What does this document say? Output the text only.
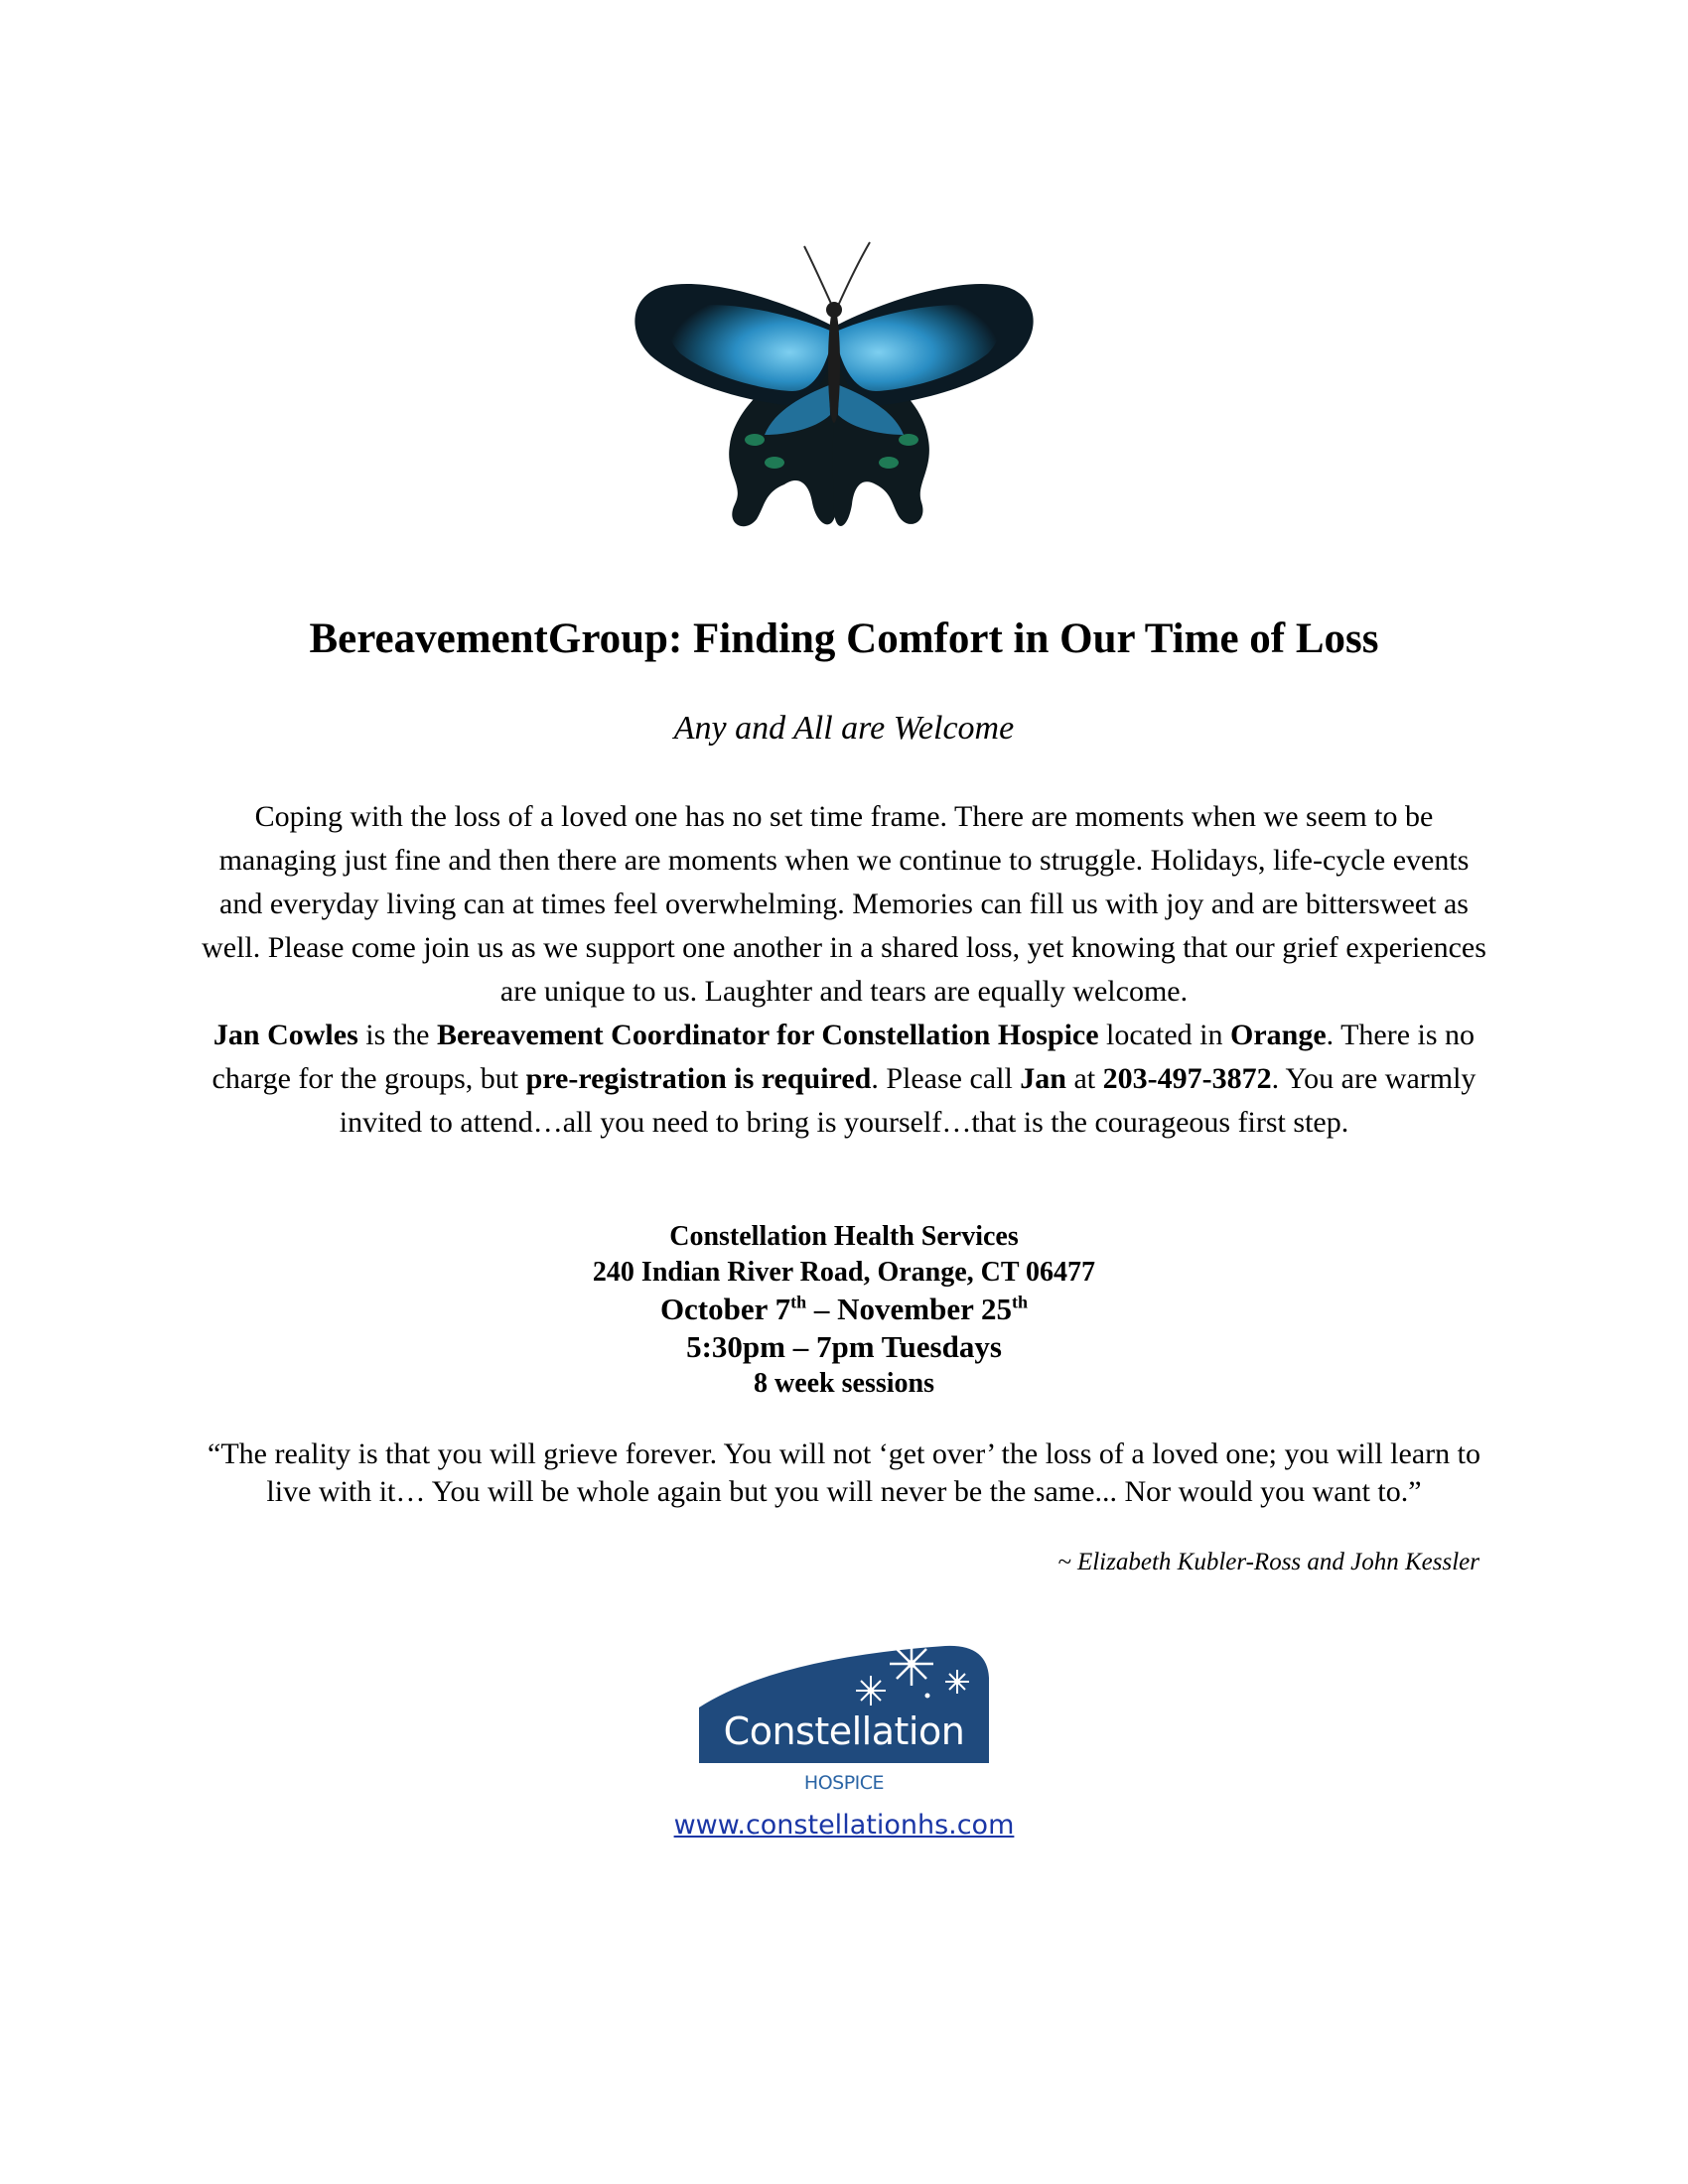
BereavementGroup: Finding Comfort in Our Time of Loss
Any and All are Welcome
Coping with the loss of a loved one has no set time frame. There are moments when we seem to be managing just fine and then there are moments when we continue to struggle. Holidays, life-cycle events and everyday living can at times feel overwhelming. Memories can fill us with joy and are bittersweet as well. Please come join us as we support one another in a shared loss, yet knowing that our grief experiences are unique to us. Laughter and tears are equally welcome.
Jan Cowles is the Bereavement Coordinator for Constellation Hospice located in Orange. There is no charge for the groups, but pre-registration is required. Please call Jan at 203-497-3872. You are warmly invited to attend…all you need to bring is yourself…that is the courageous first step.
Constellation Health Services
240 Indian River Road, Orange, CT 06477
October 7th – November 25th
5:30pm – 7pm Tuesdays
8 week sessions
“The reality is that you will grieve forever. You will not ‘get over’ the loss of a loved one; you will learn to live with it… You will be whole again but you will never be the same... Nor would you want to.”
~ Elizabeth Kubler-Ross and John Kessler
Constellation
HOSPICE
www.constellationhs.com
